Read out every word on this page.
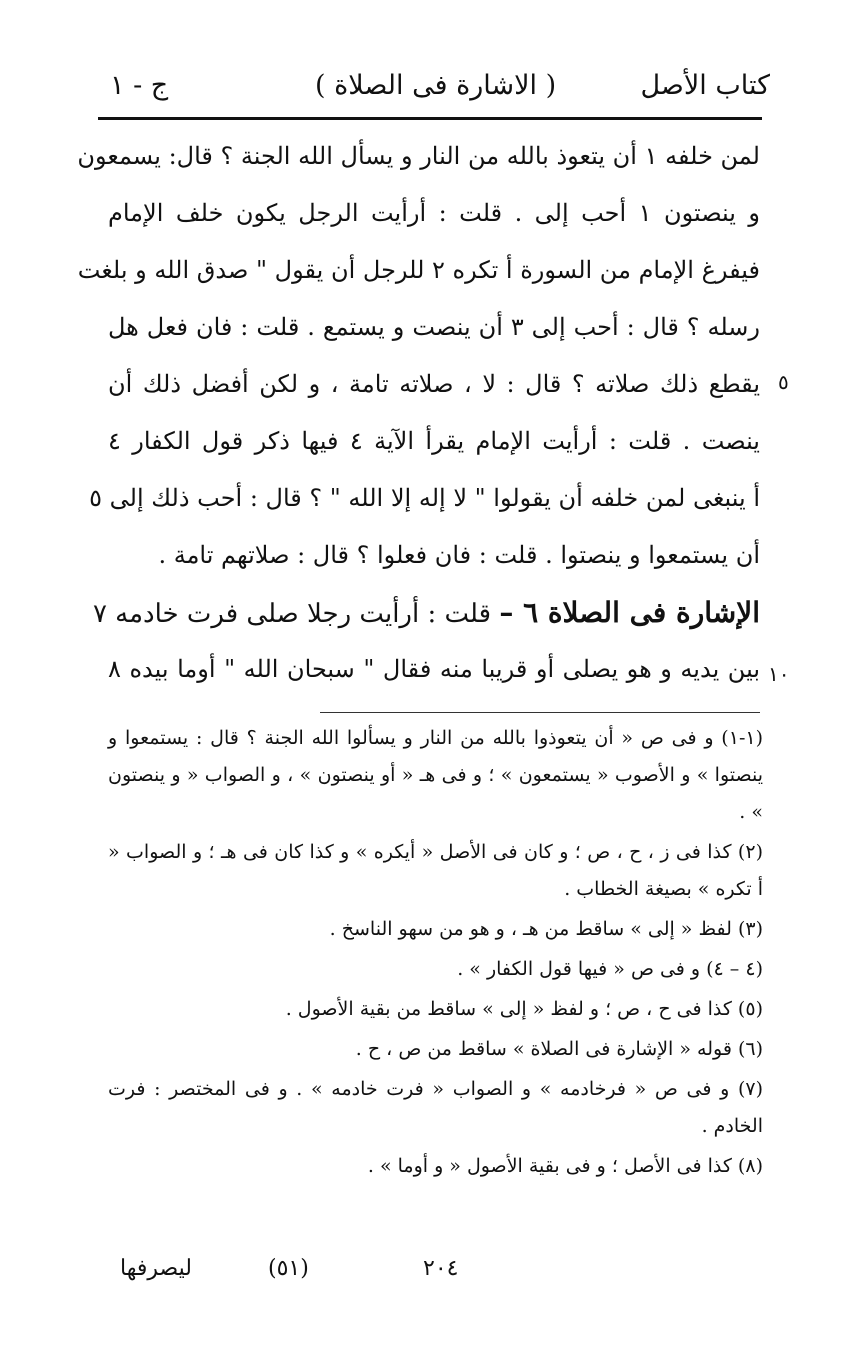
كتاب الأصل
( الاشارة فى الصلاة )
ج - ١
لمن خلفه ١ أن يتعوذ بالله من النار و يسأل الله الجنة ؟ قال: يسمعون
و ينصتون ١ أحب إلى . قلت : أرأيت الرجل يكون خلف الإمام
فيفرغ الإمام من السورة أ تكره ٢ للرجل أن يقول " صدق الله و بلغت
رسله ؟ قال : أحب إلى ٣ أن ينصت و يستمع . قلت : فان فعل هل
يقطع ذلك صلاته ؟ قال : لا ، صلاته تامة ، و لكن أفضل ذلك أن
ينصت . قلت : أرأيت الإمام يقرأ الآية ٤ فيها ذكر قول الكفار ٤
أ ينبغى لمن خلفه أن يقولوا " لا إله إلا الله " ؟ قال : أحب ذلك إلى ٥
أن يستمعوا و ينصتوا . قلت : فان فعلوا ؟ قال : صلاتهم تامة .
الإشارة فى الصلاة ٦ – قلت : أرأيت رجلا صلى فرت خادمه ٧
بين يديه و هو يصلى أو قريبا منه فقال " سبحان الله " أوما بيده ٨
٥
١٠

(١-١) و فى ص « أن يتعوذوا بالله من النار و يسألوا الله الجنة ؟ قال : يستمعوا و ينصتوا » و الأصوب « يستمعون » ؛ و فى هـ « أو ينصتون » ، و الصواب « و ينصتون » .

(٢) كذا فى ز ، ح ، ص ؛ و كان فى الأصل « أيكره » و كذا كان فى هـ ؛ و الصواب « أ تكره » بصيغة الخطاب .

(٣) لفظ « إلى » ساقط من هـ ، و هو من سهو الناسخ .

(٤ – ٤) و فى ص « فيها قول الكفار » .

(٥) كذا فى ح ، ص ؛ و لفظ « إلى » ساقط من بقية الأصول .

(٦) قوله « الإشارة فى الصلاة » ساقط من ص ، ح .

(٧) و فى ص « فرخادمه » و الصواب « فرت خادمه » . و فى المختصر : فرت الخادم .

(٨) كذا فى الأصل ؛ و فى بقية الأصول « و أوما » .

ليصرفها	(٥١)	٢٠٤
